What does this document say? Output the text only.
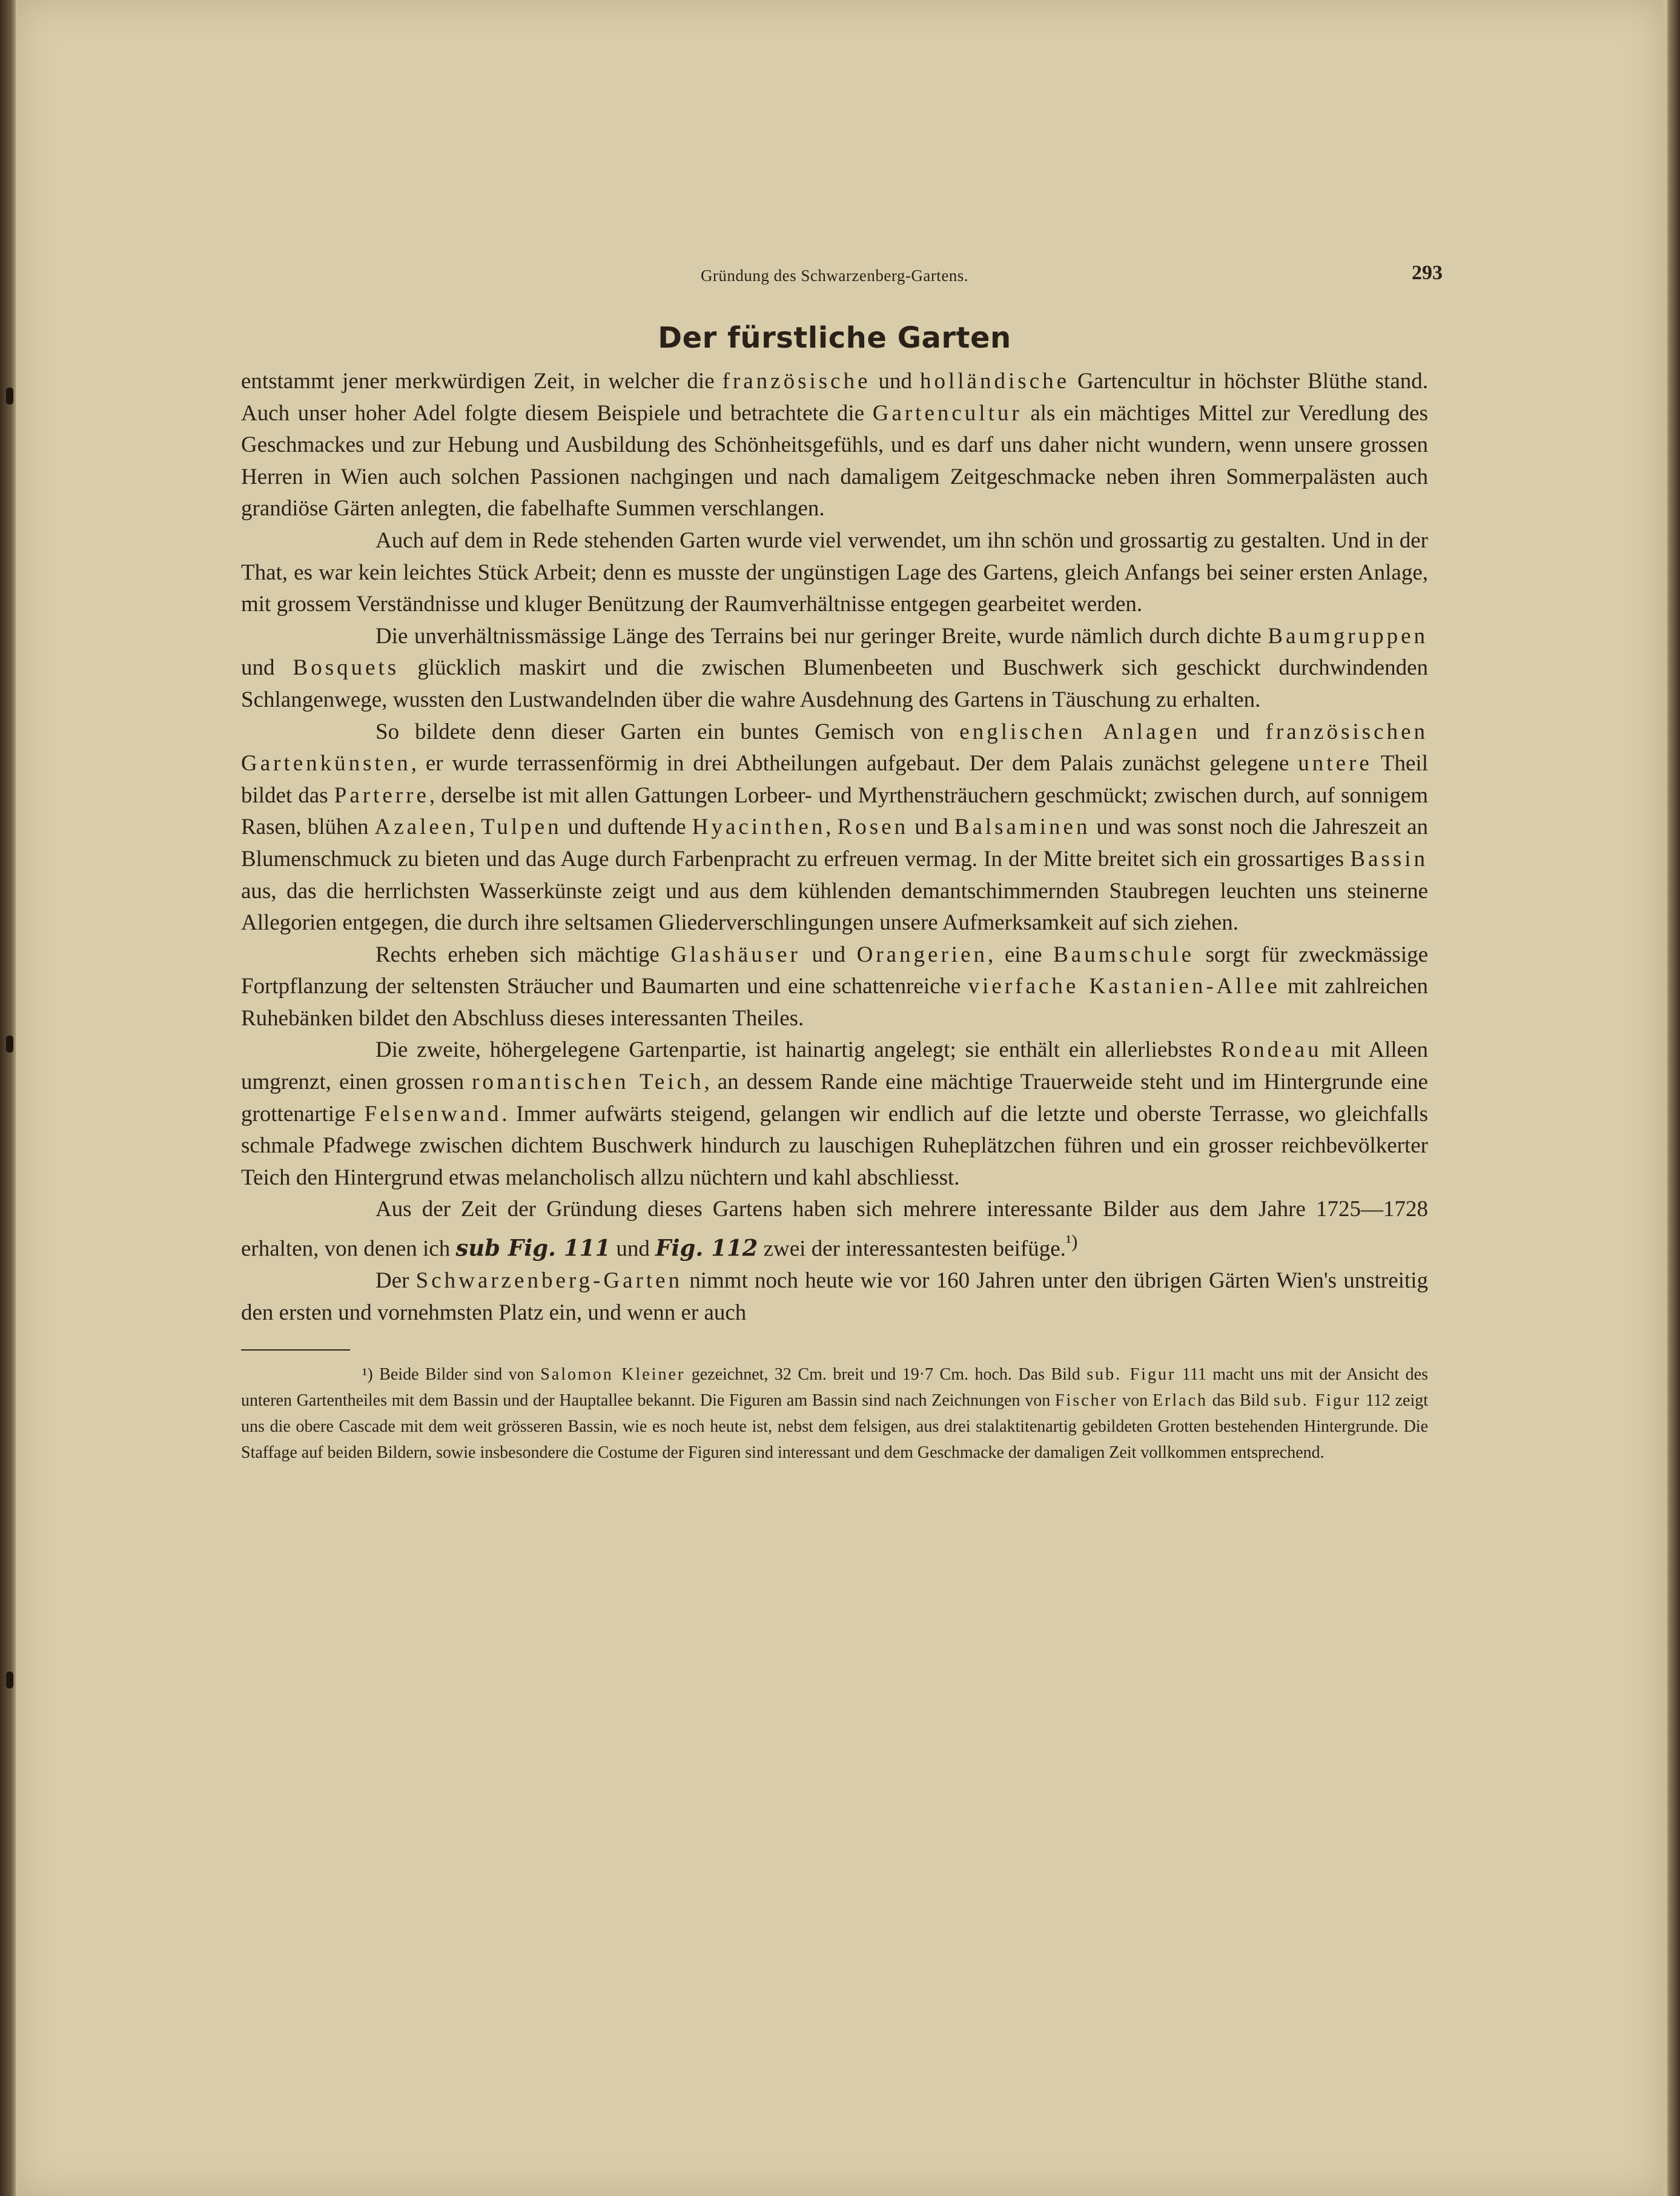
Gründung des Schwarzenberg-Gartens.	293
Der fürstliche Garten

entstammt jener merkwürdigen Zeit, in welcher die französische und holländische Gartencultur in höchster Blüthe stand. Auch unser hoher Adel folgte diesem Beispiele und betrachtete die Gartencultur als ein mächtiges Mittel zur Veredlung des Geschmackes und zur Hebung und Ausbildung des Schönheitsgefühls, und es darf uns daher nicht wundern, wenn unsere grossen Herren in Wien auch solchen Passionen nachgingen und nach damaligem Zeitgeschmacke neben ihren Sommerpalästen auch grandiöse Gärten anlegten, die fabelhafte Summen verschlangen.

Auch auf dem in Rede stehenden Garten wurde viel verwendet, um ihn schön und grossartig zu gestalten. Und in der That, es war kein leichtes Stück Arbeit; denn es musste der ungünstigen Lage des Gartens, gleich Anfangs bei seiner ersten Anlage, mit grossem Verständnisse und kluger Benützung der Raumverhältnisse entgegen gearbeitet werden.

Die unverhältnissmässige Länge des Terrains bei nur geringer Breite, wurde nämlich durch dichte Baumgruppen und Bosquets glücklich maskirt und die zwischen Blumenbeeten und Buschwerk sich geschickt durchwindenden Schlangenwege, wussten den Lustwandelnden über die wahre Ausdehnung des Gartens in Täuschung zu erhalten.

So bildete denn dieser Garten ein buntes Gemisch von englischen Anlagen und französischen Gartenkünsten, er wurde terrassenförmig in drei Abtheilungen aufgebaut. Der dem Palais zunächst gelegene untere Theil bildet das Parterre, derselbe ist mit allen Gattungen Lorbeer- und Myrthensträuchern geschmückt; zwischen durch, auf sonnigem Rasen, blühen Azaleen, Tulpen und duftende Hyacinthen, Rosen und Balsaminen und was sonst noch die Jahreszeit an Blumenschmuck zu bieten und das Auge durch Farbenpracht zu erfreuen vermag. In der Mitte breitet sich ein grossartiges Bassin aus, das die herrlichsten Wasserkünste zeigt und aus dem kühlenden demantschimmernden Staubregen leuchten uns steinerne Allegorien entgegen, die durch ihre seltsamen Gliederverschlingungen unsere Aufmerksamkeit auf sich ziehen.

Rechts erheben sich mächtige Glashäuser und Orangerien, eine Baumschule sorgt für zweckmässige Fortpflanzung der seltensten Sträucher und Baumarten und eine schattenreiche vierfache Kastanien-Allee mit zahlreichen Ruhebänken bildet den Abschluss dieses interessanten Theiles.

Die zweite, höhergelegene Gartenpartie, ist hainartig angelegt; sie enthält ein allerliebstes Rondeau mit Alleen umgrenzt, einen grossen romantischen Teich, an dessem Rande eine mächtige Trauerweide steht und im Hintergrunde eine grottenartige Felsenwand. Immer aufwärts steigend, gelangen wir endlich auf die letzte und oberste Terrasse, wo gleichfalls schmale Pfadwege zwischen dichtem Buschwerk hindurch zu lauschigen Ruheplätzchen führen und ein grosser reichbevölkerter Teich den Hintergrund etwas melancholisch allzu nüchtern und kahl abschliesst.

Aus der Zeit der Gründung dieses Gartens haben sich mehrere interessante Bilder aus dem Jahre 1725—1728 erhalten, von denen ich sub Fig. 111 und Fig. 112 zwei der interessantesten beifüge.$^{^1)}$

Der Schwarzenberg-Garten nimmt noch heute wie vor 160 Jahren unter den übrigen Gärten Wien's unstreitig den ersten und vornehmsten Platz ein, und wenn er auch

¹) Beide Bilder sind von Salomon Kleiner gezeichnet, 32 Cm. breit und 19·7 Cm. hoch. Das Bild sub. Figur 111 macht uns mit der Ansicht des unteren Gartentheiles mit dem Bassin und der Hauptallee bekannt. Die Figuren am Bassin sind nach Zeichnungen von Fischer von Erlach das Bild sub. Figur 112 zeigt uns die obere Cascade mit dem weit grösseren Bassin, wie es noch heute ist, nebst dem felsigen, aus drei stalaktitenartig gebildeten Grotten bestehenden Hintergrunde. Die Staffage auf beiden Bildern, sowie insbesondere die Costume der Figuren sind interessant und dem Geschmacke der damaligen Zeit vollkommen entsprechend.
